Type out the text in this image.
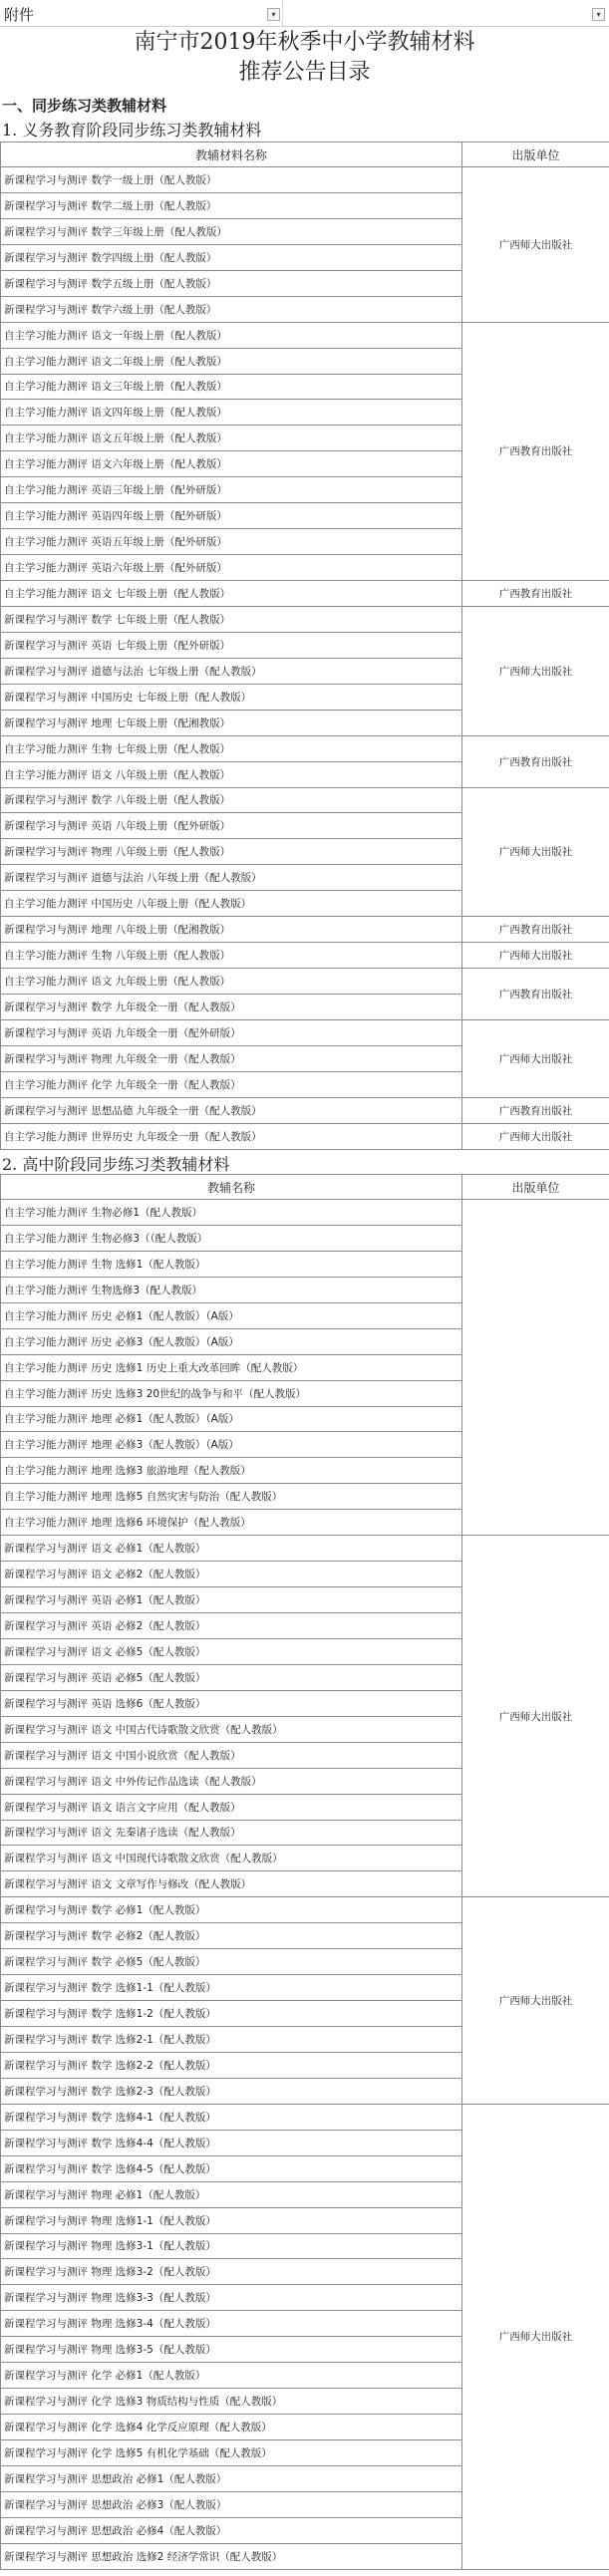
附件	▾	▾
南宁市2019年秋季中小学教辅材料
推荐公告目录
一、同步练习类教辅材料
1. 义务教育阶段同步练习类教辅材料
教辅材料名称	出版单位
新课程学习与测评 数学一级上册（配人教版）	广西师大出版社
新课程学习与测评 数学二级上册（配人教版）	
新课程学习与测评 数学三年级上册（配人教版）	
新课程学习与测评 数学四级上册（配人教版）	
新课程学习与测评 数学五级上册（配人教版）	
新课程学习与测评 数学六级上册（配人教版）	
自主学习能力测评 语文一年级上册（配人教版）	广西教育出版社
自主学习能力测评 语文二年级上册（配人教版）	
自主学习能力测评 语文三年级上册（配人教版）	
自主学习能力测评 语文四年级上册（配人教版）	
自主学习能力测评 语文五年级上册（配人教版）	
自主学习能力测评 语文六年级上册（配人教版）	
自主学习能力测评 英语三年级上册（配外研版）	
自主学习能力测评 英语四年级上册（配外研版）	
自主学习能力测评 英语五年级上册（配外研版）	
自主学习能力测评 英语六年级上册（配外研版）	
自主学习能力测评 语文 七年级上册（配人教版）	广西教育出版社
新课程学习与测评 数学 七年级上册（配人教版）	广西师大出版社
新课程学习与测评 英语 七年级上册（配外研版）	
新课程学习与测评 道德与法治 七年级上册（配人教版）	
新课程学习与测评 中国历史 七年级上册（配人教版）	
新课程学习与测评 地理 七年级上册（配湘教版）	
自主学习能力测评 生物 七年级上册（配人教版）	广西教育出版社
自主学习能力测评 语文 八年级上册（配人教版）	
新课程学习与测评 数学 八年级上册（配人教版）	广西师大出版社
新课程学习与测评 英语 八年级上册（配外研版）	
新课程学习与测评 物理 八年级上册（配人教版）	
新课程学习与测评 道德与法治 八年级上册（配人教版）	
自主学习能力测评 中国历史 八年级上册（配人教版）	
新课程学习与测评 地理 八年级上册（配湘教版）	广西教育出版社
自主学习能力测评 生物 八年级上册（配人教版）	广西师大出版社
自主学习能力测评 语文 九年级上册（配人教版）	广西教育出版社
新课程学习与测评 数学 九年级全一册（配人教版）	
新课程学习与测评 英语 九年级全一册（配外研版）	广西师大出版社
新课程学习与测评 物理 九年级全一册（配人教版）	
自主学习能力测评 化学 九年级全一册（配人教版）	
新课程学习与测评 思想品德 九年级全一册（配人教版）	广西教育出版社
自主学习能力测评 世界历史 九年级全一册（配人教版）	广西师大出版社
2. 高中阶段同步练习类教辅材料
教辅名称	出版单位
自主学习能力测评 生物必修1（配人教版）	
自主学习能力测评 生物必修3（（配人教版）	
自主学习能力测评 生物 选修1（配人教版）	
自主学习能力测评 生物选修3（配人教版）	
自主学习能力测评 历史 必修1（配人教版）（A版）	
自主学习能力测评 历史 必修3（配人教版）（A版）	
自主学习能力测评 历史 选修1 历史上重大改革回眸（配人教版）	
自主学习能力测评 历史 选修3 20世纪的战争与和平（配人教版）	
自主学习能力测评 地理 必修1（配人教版）（A版）	
自主学习能力测评 地理 必修3（配人教版）（A版）	
自主学习能力测评 地理 选修3 旅游地理（配人教版）	
自主学习能力测评 地理 选修5 自然灾害与防治（配人教版）	
自主学习能力测评 地理 选修6 环境保护（配人教版）	
新课程学习与测评 语文 必修1（配人教版）	广西师大出版社
新课程学习与测评 语文 必修2（配人教版）	
新课程学习与测评 英语 必修1（配人教版）	
新课程学习与测评 英语 必修2（配人教版）	
新课程学习与测评 语文 必修5（配人教版）	
新课程学习与测评 英语 必修5（配人教版）	
新课程学习与测评 英语 选修6（配人教版）	
新课程学习与测评 语文 中国古代诗歌散文欣赏（配人教版）	
新课程学习与测评 语文 中国小说欣赏（配人教版）	
新课程学习与测评 语文 中外传记作品选读（配人教版）	
新课程学习与测评 语文 语言文字应用（配人教版）	
新课程学习与测评 语文 先秦诸子选读（配人教版）	
新课程学习与测评 语文 中国现代诗歌散文欣赏（配人教版）	
新课程学习与测评 语文 文章写作与修改（配人教版）	
新课程学习与测评 数学 必修1（配人教版）	广西师大出版社
新课程学习与测评 数学 必修2（配人教版）	
新课程学习与测评 数学 必修5（配人教版）	
新课程学习与测评 数学 选修1-1（配人教版）	
新课程学习与测评 数学 选修1-2（配人教版）	
新课程学习与测评 数学 选修2-1（配人教版）	
新课程学习与测评 数学 选修2-2（配人教版）	
新课程学习与测评 数学 选修2-3（配人教版）	
新课程学习与测评 数学 选修4-1（配人教版）	广西师大出版社
新课程学习与测评 数学 选修4-4（配人教版）	
新课程学习与测评 数学 选修4-5（配人教版）	
新课程学习与测评 物理 必修1（配人教版）	
新课程学习与测评 物理 选修1-1（配人教版）	
新课程学习与测评 物理 选修3-1（配人教版）	
新课程学习与测评 物理 选修3-2（配人教版）	
新课程学习与测评 物理 选修3-3（配人教版）	
新课程学习与测评 物理 选修3-4（配人教版）	
新课程学习与测评 物理 选修3-5（配人教版）	
新课程学习与测评 化学 必修1（配人教版）	
新课程学习与测评 化学 选修3 物质结构与性质（配人教版）	
新课程学习与测评 化学 选修4 化学反应原理（配人教版）	
新课程学习与测评 化学 选修5 有机化学基础（配人教版）	
新课程学习与测评 思想政治 必修1（配人教版）	
新课程学习与测评 思想政治 必修3（配人教版）	
新课程学习与测评 思想政治 必修4（配人教版）	
新课程学习与测评 思想政治 选修2 经济学常识（配人教版）	
